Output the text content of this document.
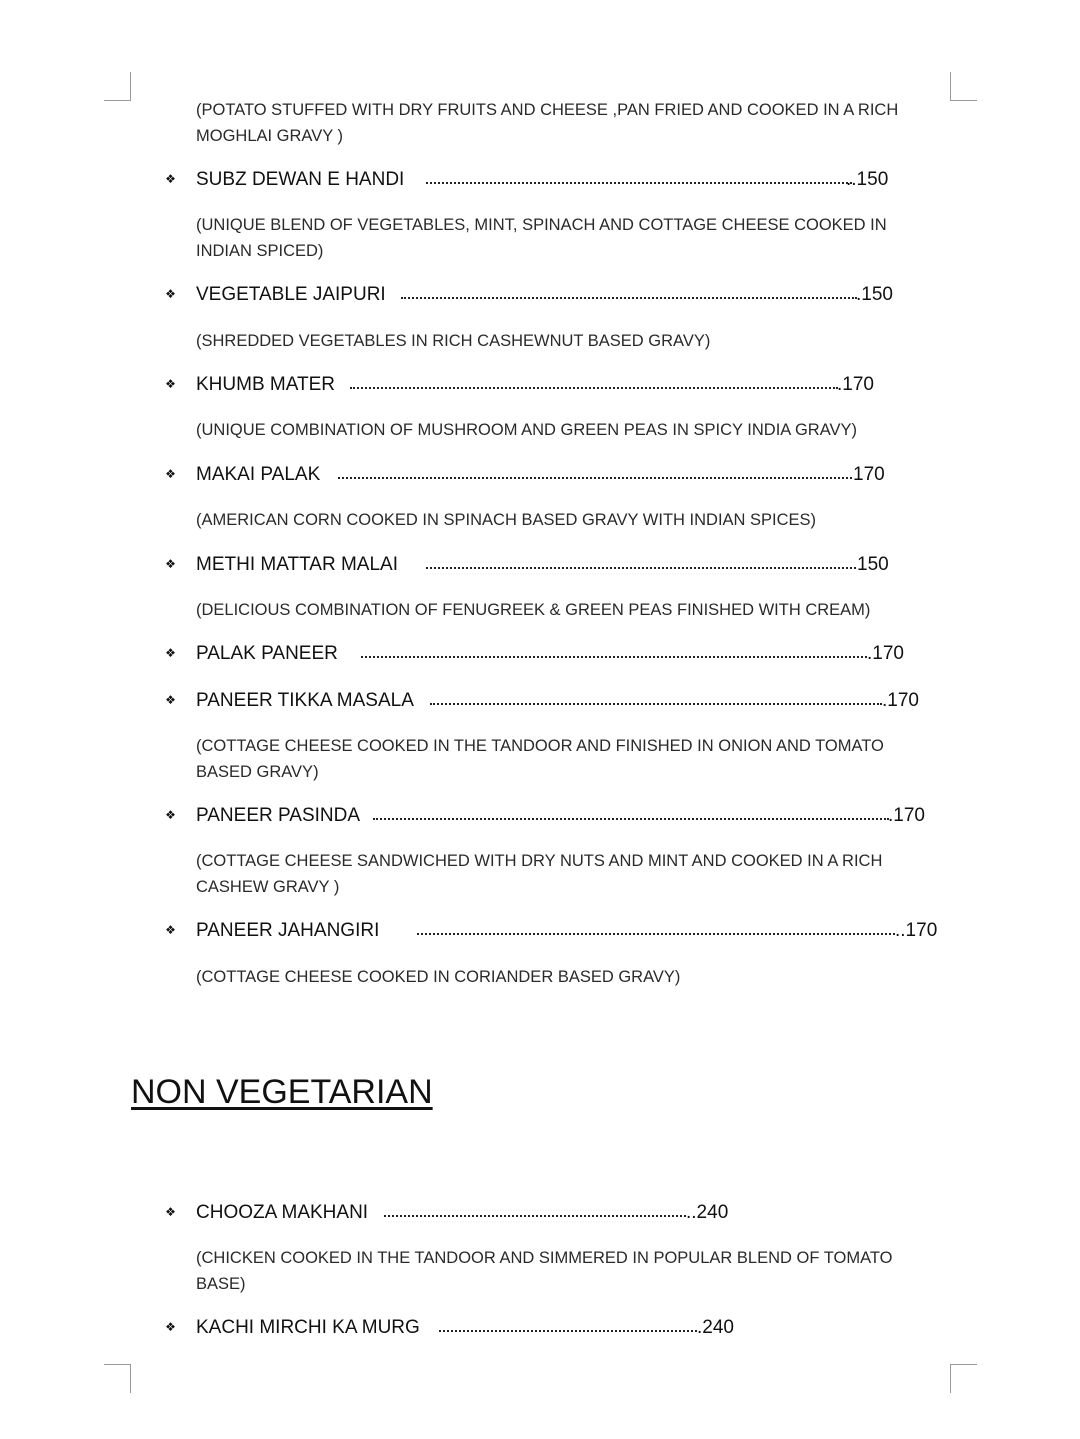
(POTATO STUFFED WITH DRY FRUITS AND CHEESE ,PAN FRIED AND COOKED IN A RICH MOGHLAI GRAVY )

❖ SUBZ DEWAN E HANDI	..150

(UNIQUE BLEND OF VEGETABLES, MINT, SPINACH AND COTTAGE CHEESE COOKED IN INDIAN SPICED)

❖ VEGETABLE JAIPURI	.150

(SHREDDED VEGETABLES IN RICH CASHEWNUT BASED GRAVY)

❖ KHUMB MATER	.170

(UNIQUE COMBINATION OF MUSHROOM AND GREEN PEAS IN SPICY INDIA GRAVY)

❖ MAKAI PALAK	170

(AMERICAN CORN COOKED IN SPINACH BASED GRAVY WITH INDIAN SPICES)

❖ METHI MATTAR MALAI	150

(DELICIOUS COMBINATION OF FENUGREEK & GREEN PEAS FINISHED WITH CREAM)

❖ PALAK PANEER	.170
❖ PANEER TIKKA MASALA	.170

(COTTAGE CHEESE COOKED IN THE TANDOOR AND FINISHED IN ONION AND TOMATO BASED GRAVY)

❖ PANEER PASINDA	.170

(COTTAGE CHEESE SANDWICHED WITH DRY NUTS AND MINT AND COOKED IN A RICH CASHEW GRAVY )

❖ PANEER JAHANGIRI	..170

(COTTAGE CHEESE COOKED IN CORIANDER BASED GRAVY)

NON VEGETARIAN
❖ CHOOZA MAKHANI	..240

(CHICKEN COOKED IN THE TANDOOR AND SIMMERED IN POPULAR BLEND OF TOMATO BASE)

❖ KACHI MIRCHI KA MURG	.240
